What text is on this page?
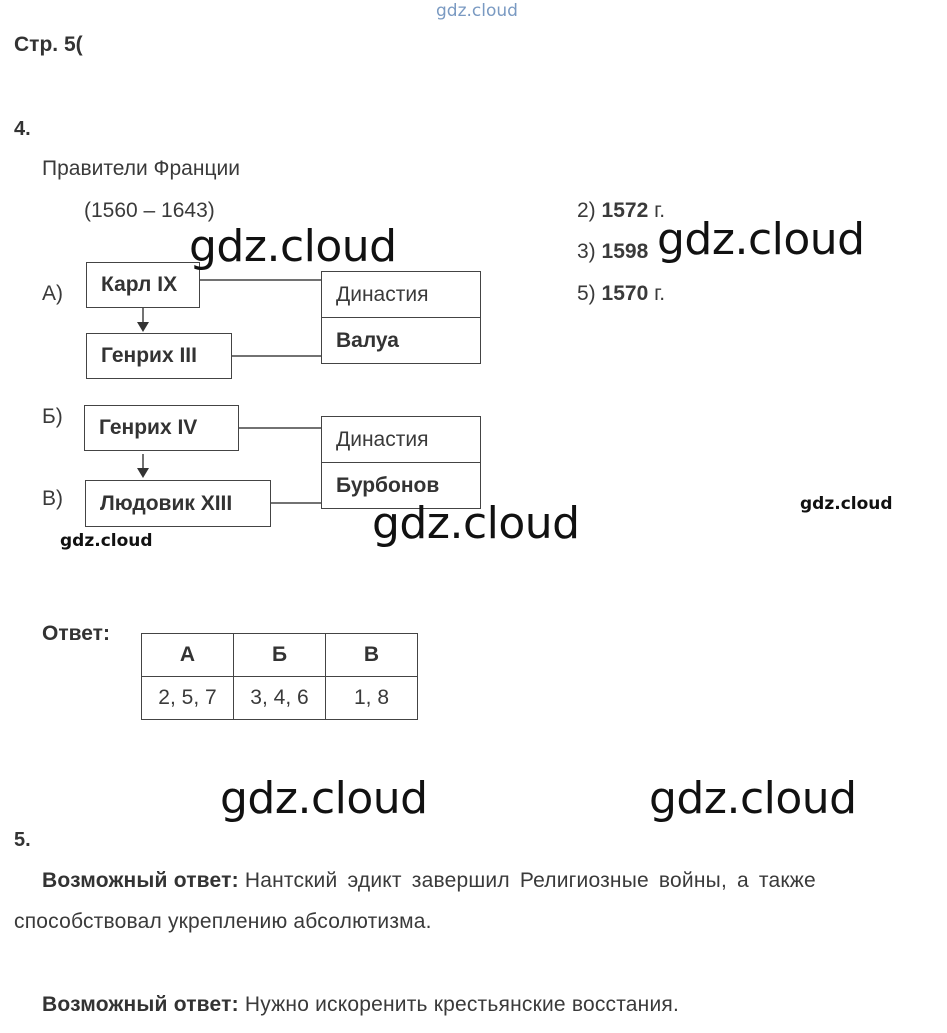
gdz.cloud
Стр. 5(
4.
Правители Франции
(1560 – 1643)
А)
Б)
В)
Карл IX
Генрих III
Генрих IV
Людовик XIII
Династия
Валуа
Династия
Бурбонов
2) 1572 г.
3) 1598
5) 1570 г.
Ответ:
А	Б	В
2, 5, 7	3, 4, 6	1, 8
5.
Возможный ответ: Нантский эдикт завершил Религиозные войны, а также
способствовал укреплению абсолютизма.
Возможный ответ: Нужно искоренить крестьянские восстания.
gdz.cloud	gdz.cloud
gdz.cloud	gdz.cloud
gdz.cloud
gdz.cloud	gdz.cloud
